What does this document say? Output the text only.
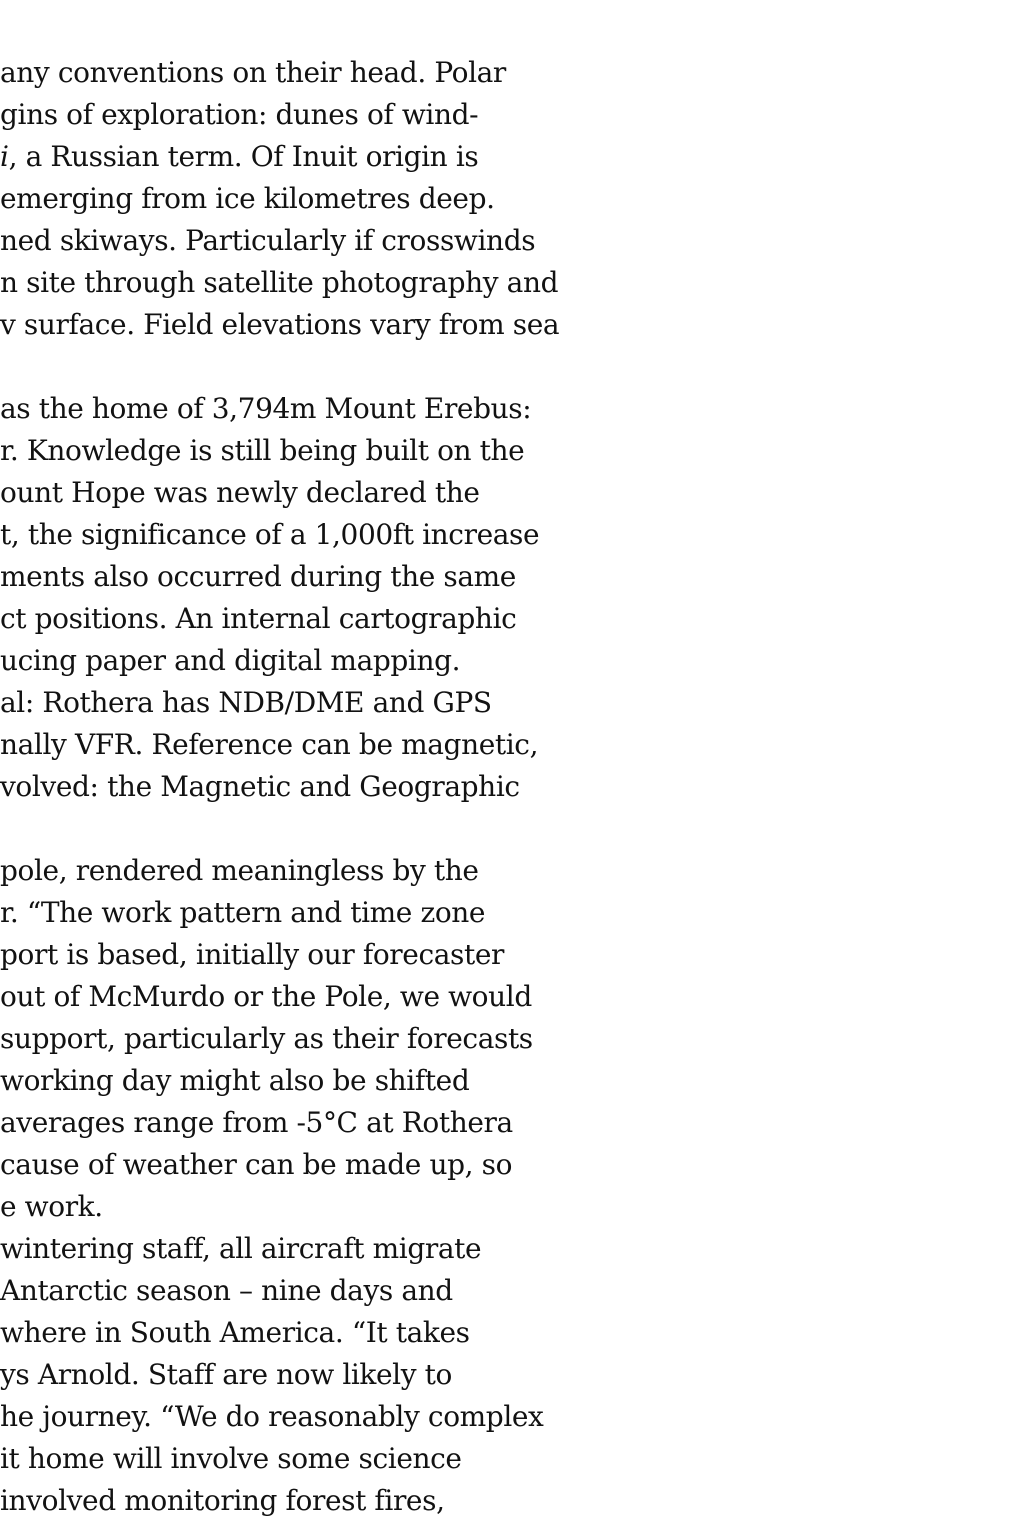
any conventions on their head. Polar
gins of exploration: dunes of wind-
i, a Russian term. Of Inuit origin is
emerging from ice kilometres deep.
ned skiways. Particularly if crosswinds
n site through satellite photography and
v surface. Field elevations vary from sea
as the home of 3,794m Mount Erebus:
r. Knowledge is still being built on the
ount Hope was newly declared the
t, the significance of a 1,000ft increase
ments also occurred during the same
ct positions. An internal cartographic
ucing paper and digital mapping.
al: Rothera has NDB/DME and GPS
nally VFR. Reference can be magnetic,
volved: the Magnetic and Geographic
pole, rendered meaningless by the
r. “The work pattern and time zone
port is based, initially our forecaster
out of McMurdo or the Pole, we would
support, particularly as their forecasts
working day might also be shifted
averages range from -5°C at Rothera
cause of weather can be made up, so
e work.
wintering staff, all aircraft migrate
Antarctic season – nine days and
where in South America. “It takes
ys Arnold. Staff are now likely to
he journey. “We do reasonably complex
it home will involve some science
involved monitoring forest fires,
